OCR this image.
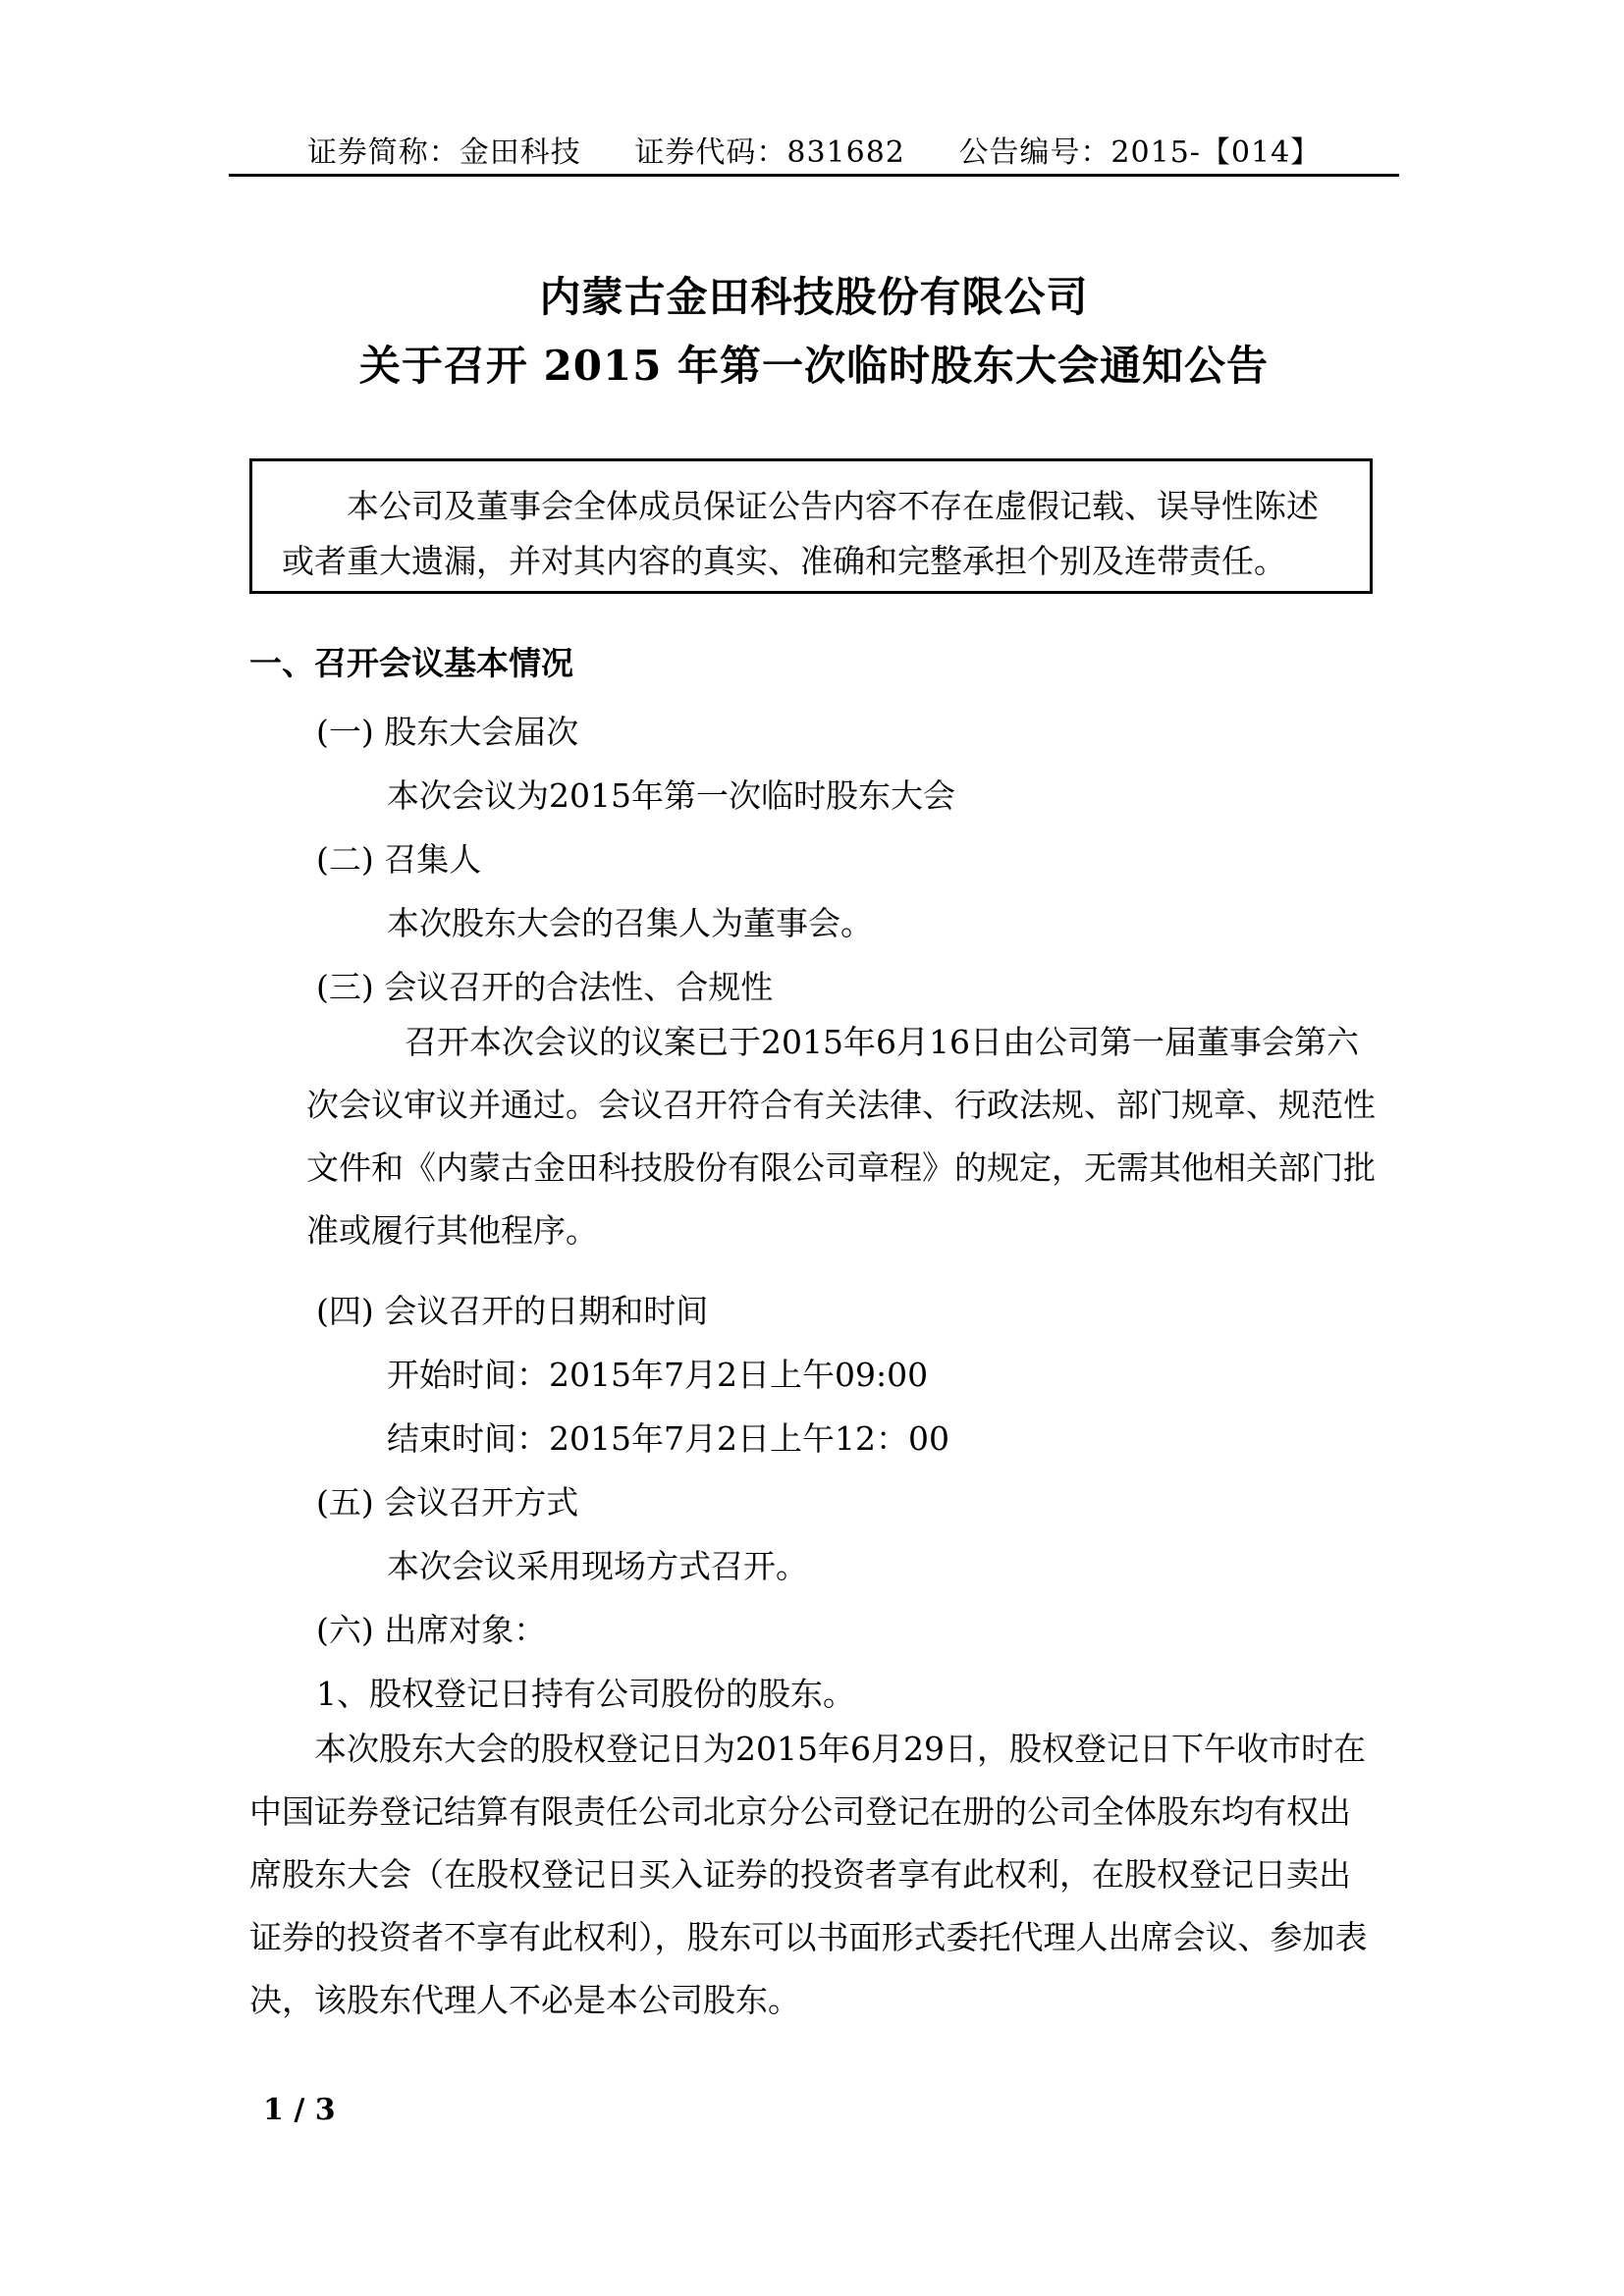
证券简称：金田科技 证券代码：831682 公告编号：2015-【014】
内蒙古金田科技股份有限公司
关于召开 2015 年第一次临时股东大会通知公告
本公司及董事会全体成员保证公告内容不存在虚假记载、误导性陈述或者重大遗漏，并对其内容的真实、准确和完整承担个别及连带责任。
一、召开会议基本情况
(一) 股东大会届次
本次会议为2015年第一次临时股东大会
(二) 召集人
本次股东大会的召集人为董事会。
(三) 会议召开的合法性、合规性
召开本次会议的议案已于2015年6月16日由公司第一届董事会第六次会议审议并通过。会议召开符合有关法律、行政法规、部门规章、规范性文件和《内蒙古金田科技股份有限公司章程》的规定，无需其他相关部门批准或履行其他程序。
(四) 会议召开的日期和时间
开始时间：2015年7月2日上午09:00
结束时间：2015年7月2日上午12：00
(五) 会议召开方式
本次会议采用现场方式召开。
(六) 出席对象：
1、股权登记日持有公司股份的股东。
本次股东大会的股权登记日为2015年6月29日，股权登记日下午收市时在中国证券登记结算有限责任公司北京分公司登记在册的公司全体股东均有权出席股东大会（在股权登记日买入证券的投资者享有此权利，在股权登记日卖出证券的投资者不享有此权利），股东可以书面形式委托代理人出席会议、参加表决，该股东代理人不必是本公司股东。
1 / 3
